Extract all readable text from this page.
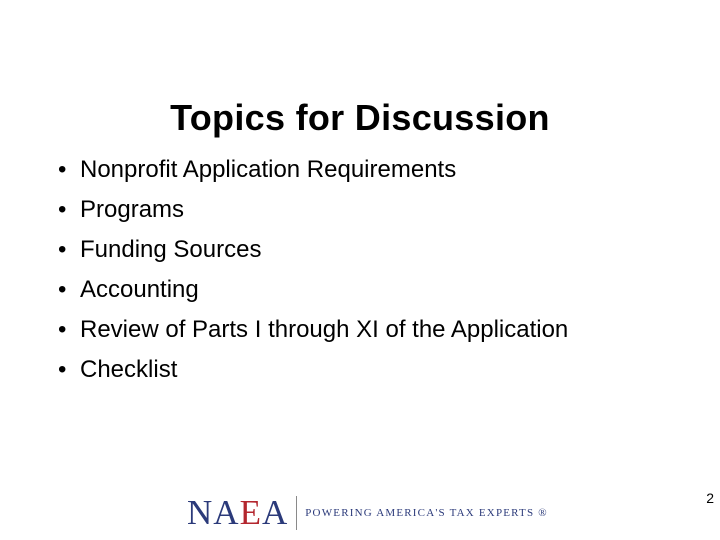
Topics for Discussion
• Nonprofit Application Requirements
• Programs
• Funding Sources
• Accounting
• Review of Parts I through XI of the Application
• Checklist
NAEA POWERING AMERICA'S TAX EXPERTS ®
2
